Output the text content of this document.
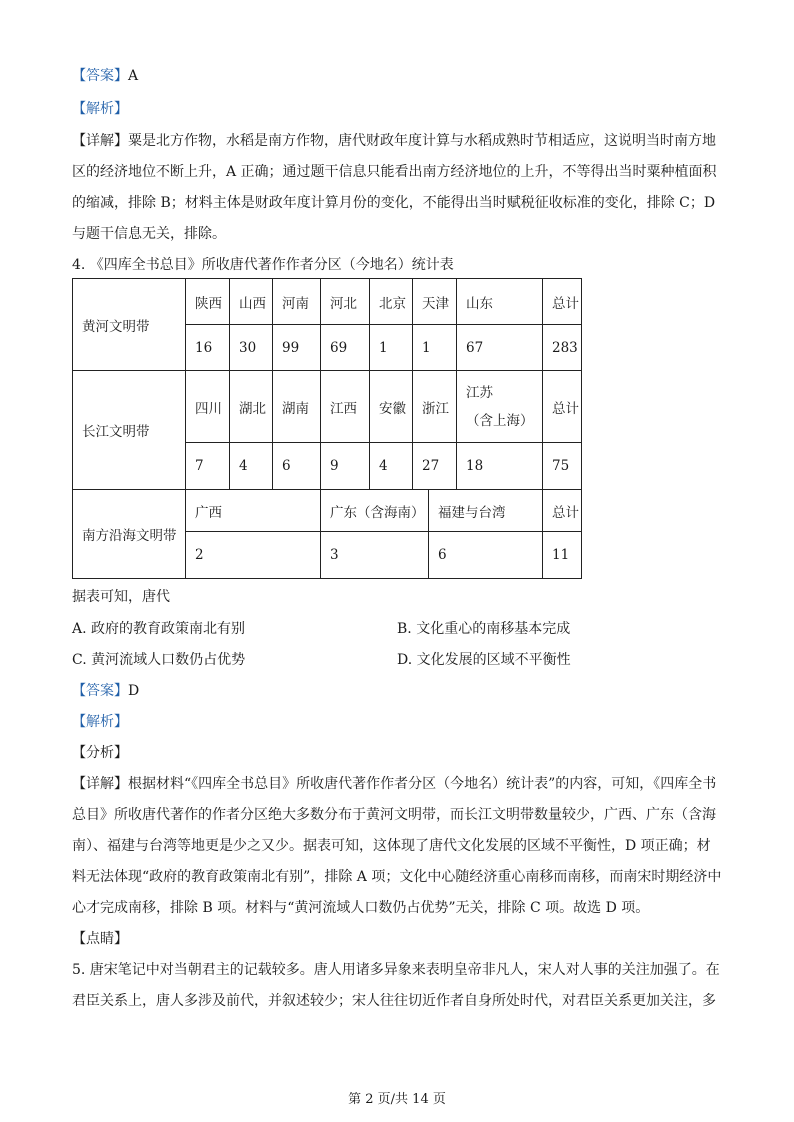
【答案】A
【解析】
【详解】粟是北方作物，水稻是南方作物，唐代财政年度计算与水稻成熟时节相适应，这说明当时南方地
区的经济地位不断上升，A 正确；通过题干信息只能看出南方经济地位的上升，不等得出当时粟种植面积
的缩减，排除 B；材料主体是财政年度计算月份的变化，不能得出当时赋税征收标准的变化，排除 C；D
与题干信息无关，排除。
4. 《四库全书总目》所收唐代著作作者分区（今地名）统计表
黄河文明带	陕西	山西	河南	河北	北京	天津		山东	总计
	16	30	99	69	1	1		67	283
长江文明带	四川	湖北	湖南	江西	安徽	浙江		江苏
（含上海）	总计
	7	4	6	9	4	27		18	75
南方沿海文明带	广西			广东（含海南）			福建与台湾		总计
	2			3			6		11
据表可知，唐代
A. 政府的教育政策南北有别	B. 文化重心的南移基本完成
C. 黄河流域人口数仍占优势	D. 文化发展的区域不平衡性
【答案】D
【解析】
【分析】
【详解】根据材料“《四库全书总目》所收唐代著作作者分区（今地名）统计表”的内容，可知，《四库全书
总目》所收唐代著作的作者分区绝大多数分布于黄河文明带，而长江文明带数量较少，广西、广东（含海
南）、福建与台湾等地更是少之又少。据表可知，这体现了唐代文化发展的区域不平衡性，D 项正确；材
料无法体现“政府的教育政策南北有别”，排除 A 项；文化中心随经济重心南移而南移，而南宋时期经济中
心才完成南移，排除 B 项。材料与“黄河流域人口数仍占优势”无关，排除 C 项。故选 D 项。
【点睛】
5. 唐宋笔记中对当朝君主的记载较多。唐人用诸多异象来表明皇帝非凡人，宋人对人事的关注加强了。在
君臣关系上，唐人多涉及前代，并叙述较少；宋人往往切近作者自身所处时代，对君臣关系更加关注，多
第 2 页/共 14 页
